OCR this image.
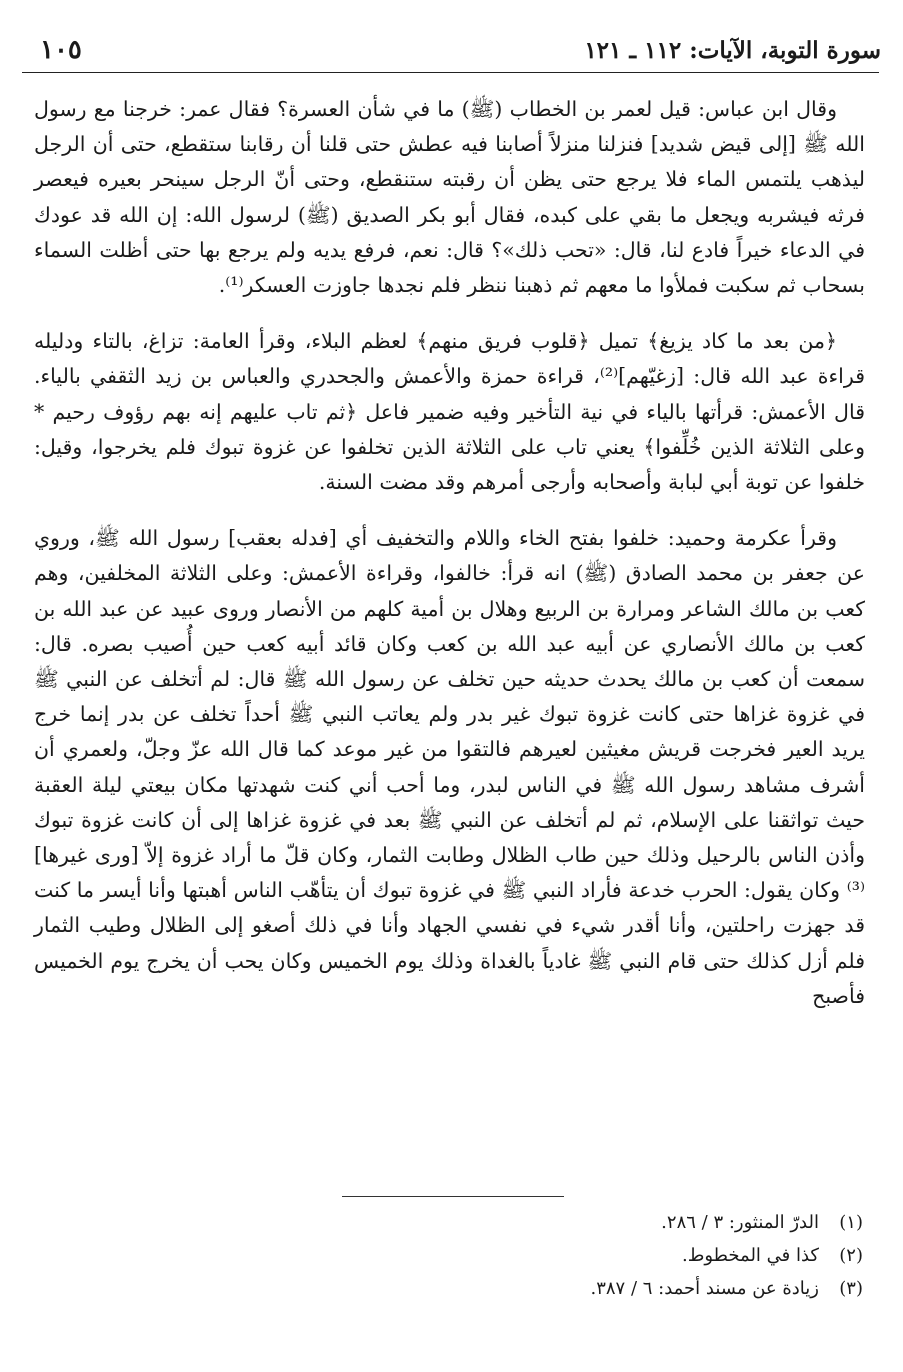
سورة التوبة، الآيات: ١١٢ ـ ١٢١
١٠٥

وقال ابن عباس: قيل لعمر بن الخطاب (ﷺ) ما في شأن العسرة؟ فقال عمر: خرجنا مع رسول الله ﷺ [إلى قيض شديد] فنزلنا منزلاً أصابنا فيه عطش حتى قلنا أن رقابنا ستقطع، حتى أن الرجل ليذهب يلتمس الماء فلا يرجع حتى يظن أن رقبته ستنقطع، وحتى أنّ الرجل سينحر بعيره فيعصر فرثه فيشربه ويجعل ما بقي على كبده، فقال أبو بكر الصديق (ﷺ) لرسول الله: إن الله قد عودك في الدعاء خيراً فادع لنا، قال: «تحب ذلك»؟ قال: نعم، فرفع يديه ولم يرجع بها حتى أظلت السماء بسحاب ثم سكبت فملأوا ما معهم ثم ذهبنا ننظر فلم نجدها جاوزت العسكر⁽¹⁾.

﴿من بعد ما كاد يزيغ﴾ تميل ﴿قلوب فريق منهم﴾ لعظم البلاء، وقرأ العامة: تزاغ، بالتاء ودليله قراءة عبد الله قال: [زغيّهم]⁽²⁾، قراءة حمزة والأعمش والجحدري والعباس بن زيد الثقفي بالياء. قال الأعمش: قرأتها بالياء في نية التأخير وفيه ضمير فاعل ﴿ثم تاب عليهم إنه بهم رؤوف رحيم * وعلى الثلاثة الذين خُلِّفوا﴾ يعني تاب على الثلاثة الذين تخلفوا عن غزوة تبوك فلم يخرجوا، وقيل: خلفوا عن توبة أبي لبابة وأصحابه وأرجى أمرهم وقد مضت السنة.

وقرأ عكرمة وحميد: خلفوا بفتح الخاء واللام والتخفيف أي [فدله بعقب] رسول الله ﷺ، وروي عن جعفر بن محمد الصادق (ﷺ) انه قرأ: خالفوا، وقراءة الأعمش: وعلى الثلاثة المخلفين، وهم كعب بن مالك الشاعر ومرارة بن الربيع وهلال بن أمية كلهم من الأنصار وروى عبيد عن عبد الله بن كعب بن مالك الأنصاري عن أبيه عبد الله بن كعب وكان قائد أبيه كعب حين أُصيب بصره. قال: سمعت أن كعب بن مالك يحدث حديثه حين تخلف عن رسول الله ﷺ قال: لم أتخلف عن النبي ﷺ في غزوة غزاها حتى كانت غزوة تبوك غير بدر ولم يعاتب النبي ﷺ أحداً تخلف عن بدر إنما خرج يريد العير فخرجت قريش مغيثين لعيرهم فالتقوا من غير موعد كما قال الله عزّ وجلّ، ولعمري أن أشرف مشاهد رسول الله ﷺ في الناس لبدر، وما أحب أني كنت شهدتها مكان بيعتي ليلة العقبة حيث تواثقنا على الإسلام، ثم لم أتخلف عن النبي ﷺ بعد في غزوة غزاها إلى أن كانت غزوة تبوك وأذن الناس بالرحيل وذلك حين طاب الظلال وطابت الثمار، وكان قلّ ما أراد غزوة إلاّ [ورى غيرها]⁽³⁾ وكان يقول: الحرب خدعة فأراد النبي ﷺ في غزوة تبوك أن يتأهّب الناس أهبتها وأنا أيسر ما كنت قد جهزت راحلتين، وأنا أقدر شيء في نفسي الجهاد وأنا في ذلك أصغو إلى الظلال وطيب الثمار فلم أزل كذلك حتى قام النبي ﷺ غادياً بالغداة وذلك يوم الخميس وكان يحب أن يخرج يوم الخميس فأصبح

(١)
الدرّ المنثور: ٣ / ٢٨٦.
(٢)
كذا في المخطوط.
(٣)
زيادة عن مسند أحمد: ٦ / ٣٨٧.
